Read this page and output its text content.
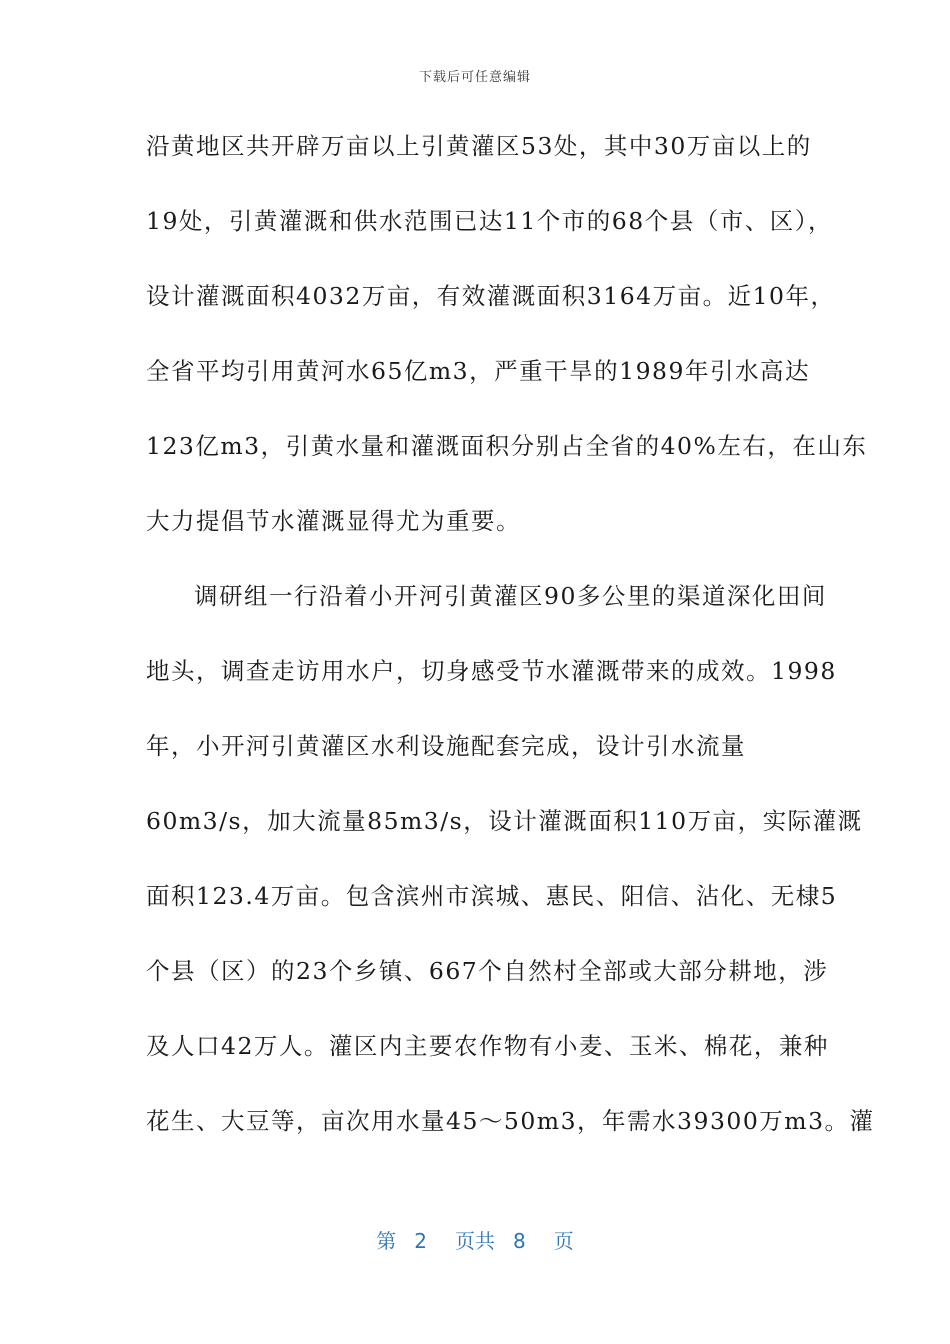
下载后可任意编辑
沿黄地区共开辟万亩以上引黄灌区53处，其中30万亩以上的
19处，引黄灌溉和供水范围已达11个市的68个县（市、区），
设计灌溉面积4032万亩，有效灌溉面积3164万亩。近10年，
全省平均引用黄河水65亿m3，严重干旱的1989年引水高达
123亿m3，引黄水量和灌溉面积分别占全省的40%左右，在山东
大力提倡节水灌溉显得尤为重要。
调研组一行沿着小开河引黄灌区90多公里的渠道深化田间
地头，调查走访用水户，切身感受节水灌溉带来的成效。1998
年，小开河引黄灌区水利设施配套完成，设计引水流量
60m3/s，加大流量85m3/s，设计灌溉面积110万亩，实际灌溉
面积123.4万亩。包含滨州市滨城、惠民、阳信、沾化、无棣5
个县（区）的23个乡镇、667个自然村全部或大部分耕地，涉
及人口42万人。灌区内主要农作物有小麦、玉米、棉花，兼种
花生、大豆等，亩次用水量45～50m3，年需水39300万m3。灌
第 2 页共 8 页
